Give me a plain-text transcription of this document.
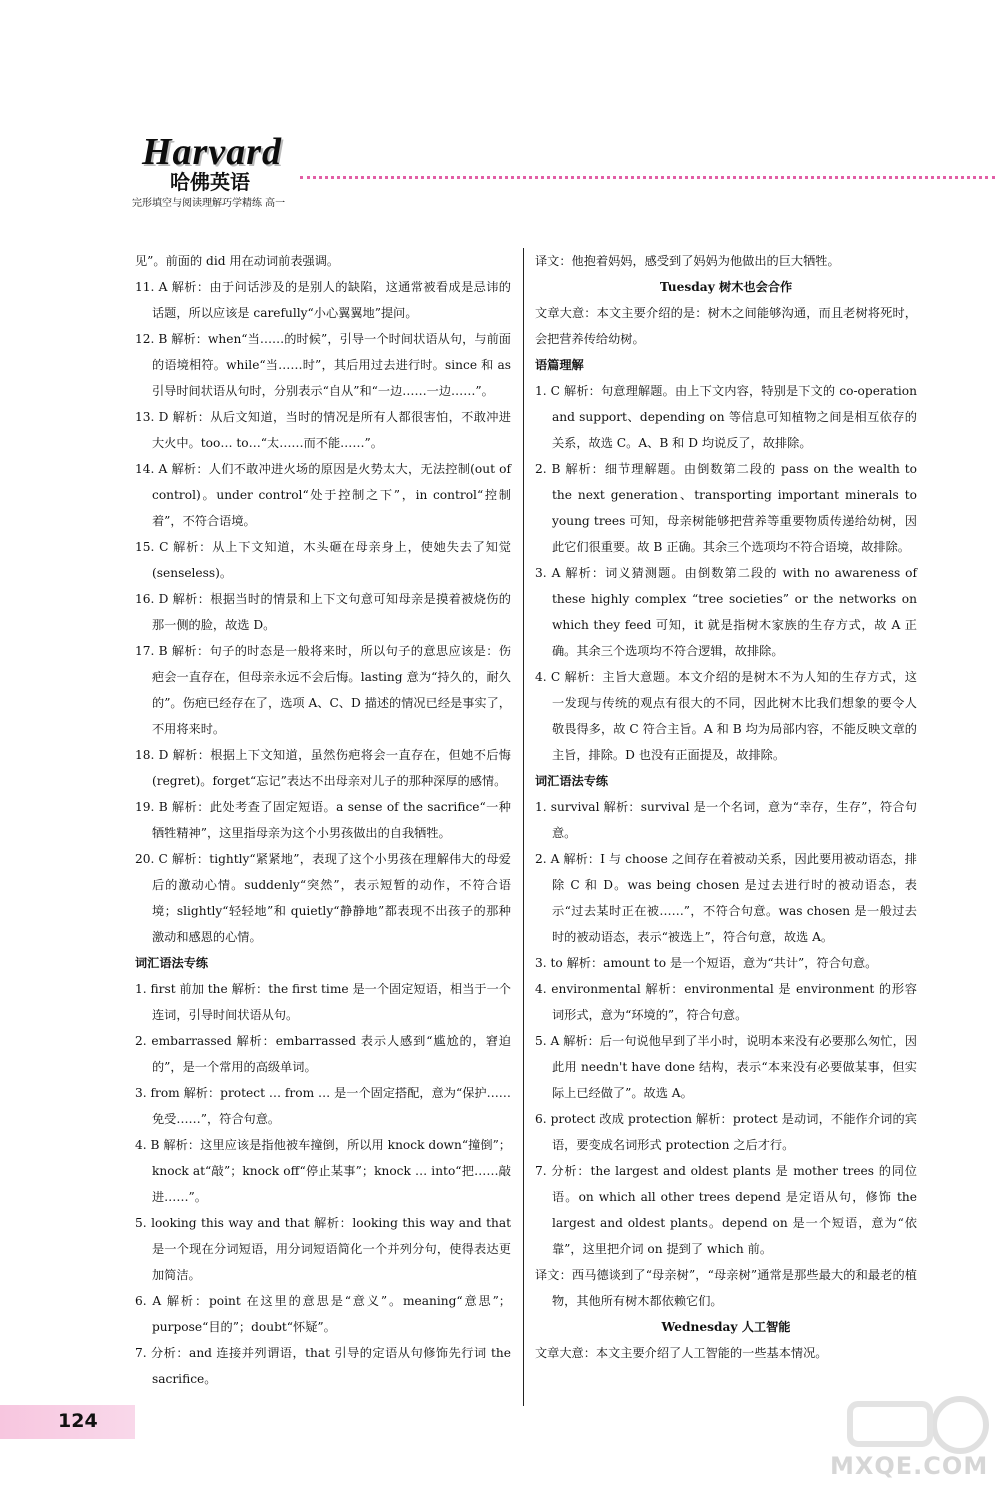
Harvard
哈佛英语
完形填空与阅读理解巧学精练 高一

见”。前面的 did 用在动词前表强调。

11. A 解析：由于问话涉及的是别人的缺陷，这通常被看成是忌讳的话题，所以应该是 carefully“小心翼翼地”提问。

12. B 解析：when“当……的时候”，引导一个时间状语从句，与前面的语境相符。while“当……时”，其后用过去进行时。since 和 as 引导时间状语从句时，分别表示“自从”和“一边……一边……”。

13. D 解析：从后文知道，当时的情况是所有人都很害怕，不敢冲进大火中。too… to…“太……而不能……”。

14. A 解析：人们不敢冲进火场的原因是火势太大，无法控制(out of control)。under control“处于控制之下”，in control“控制着”，不符合语境。

15. C 解析：从上下文知道，木头砸在母亲身上，使她失去了知觉(senseless)。

16. D 解析：根据当时的情景和上下文句意可知母亲是摸着被烧伤的那一侧的脸，故选 D。

17. B 解析：句子的时态是一般将来时，所以句子的意思应该是：伤疤会一直存在，但母亲永远不会后悔。lasting 意为“持久的，耐久的”。伤疤已经存在了，选项 A、C、D 描述的情况已经是事实了，不用将来时。

18. D 解析：根据上下文知道，虽然伤疤将会一直存在，但她不后悔(regret)。forget“忘记”表达不出母亲对儿子的那种深厚的感情。

19. B 解析：此处考查了固定短语。a sense of the sacrifice“一种牺牲精神”，这里指母亲为这个小男孩做出的自我牺牲。

20. C 解析：tightly“紧紧地”，表现了这个小男孩在理解伟大的母爱后的激动心情。suddenly“突然”，表示短暂的动作，不符合语境；slightly“轻轻地”和 quietly“静静地”都表现不出孩子的那种激动和感恩的心情。

词汇语法专练

1. first 前加 the 解析：the first time 是一个固定短语，相当于一个连词，引导时间状语从句。

2. embarrassed 解析：embarrassed 表示人感到“尴尬的，窘迫的”，是一个常用的高级单词。

3. from 解析：protect … from … 是一个固定搭配，意为“保护……免受……”，符合句意。

4. B 解析：这里应该是指他被车撞倒，所以用 knock down“撞倒”；knock at“敲”；knock off“停止某事”；knock … into“把……敲进……”。

5. looking this way and that 解析：looking this way and that 是一个现在分词短语，用分词短语简化一个并列分句，使得表达更加简洁。

6. A 解析：point 在这里的意思是“意义”。meaning“意思”；purpose“目的”；doubt“怀疑”。

7. 分析：and 连接并列谓语，that 引导的定语从句修饰先行词 the sacrifice。

译文：他抱着妈妈，感受到了妈妈为他做出的巨大牺牲。

Tuesday 树木也会合作

文章大意：本文主要介绍的是：树木之间能够沟通，而且老树将死时，会把营养传给幼树。

语篇理解

1. C 解析：句意理解题。由上下文内容，特别是下文的 co-operation and support、depending on 等信息可知植物之间是相互依存的关系，故选 C。A、B 和 D 均说反了，故排除。

2. B 解析：细节理解题。由倒数第二段的 pass on the wealth to the next generation、transporting important minerals to young trees 可知，母亲树能够把营养等重要物质传递给幼树，因此它们很重要。故 B 正确。其余三个选项均不符合语境，故排除。

3. A 解析：词义猜测题。由倒数第二段的 with no awareness of these highly complex “tree societies” or the networks on which they feed 可知，it 就是指树木家族的生存方式，故 A 正确。其余三个选项均不符合逻辑，故排除。

4. C 解析：主旨大意题。本文介绍的是树木不为人知的生存方式，这一发现与传统的观点有很大的不同，因此树木比我们想象的要令人敬畏得多，故 C 符合主旨。A 和 B 均为局部内容，不能反映文章的主旨，排除。D 也没有正面提及，故排除。

词汇语法专练

1. survival 解析：survival 是一个名词，意为“幸存，生存”，符合句意。

2. A 解析：I 与 choose 之间存在着被动关系，因此要用被动语态，排除 C 和 D。was being chosen 是过去进行时的被动语态，表示“过去某时正在被……”，不符合句意。was chosen 是一般过去时的被动语态，表示“被选上”，符合句意，故选 A。

3. to 解析：amount to 是一个短语，意为“共计”，符合句意。

4. environmental 解析：environmental 是 environment 的形容词形式，意为“环境的”，符合句意。

5. A 解析：后一句说他早到了半小时，说明本来没有必要那么匆忙，因此用 needn't have done 结构，表示“本来没有必要做某事，但实际上已经做了”。故选 A。

6. protect 改成 protection 解析：protect 是动词，不能作介词的宾语，要变成名词形式 protection 之后才行。

7. 分析：the largest and oldest plants 是 mother trees 的同位语。on which all other trees depend 是定语从句，修饰 the largest and oldest plants。depend on 是一个短语，意为“依靠”，这里把介词 on 提到了 which 前。

译文：西马德谈到了“母亲树”，“母亲树”通常是那些最大的和最老的植物，其他所有树木都依赖它们。

Wednesday 人工智能

文章大意：本文主要介绍了人工智能的一些基本情况。

124
MXQE.COM
